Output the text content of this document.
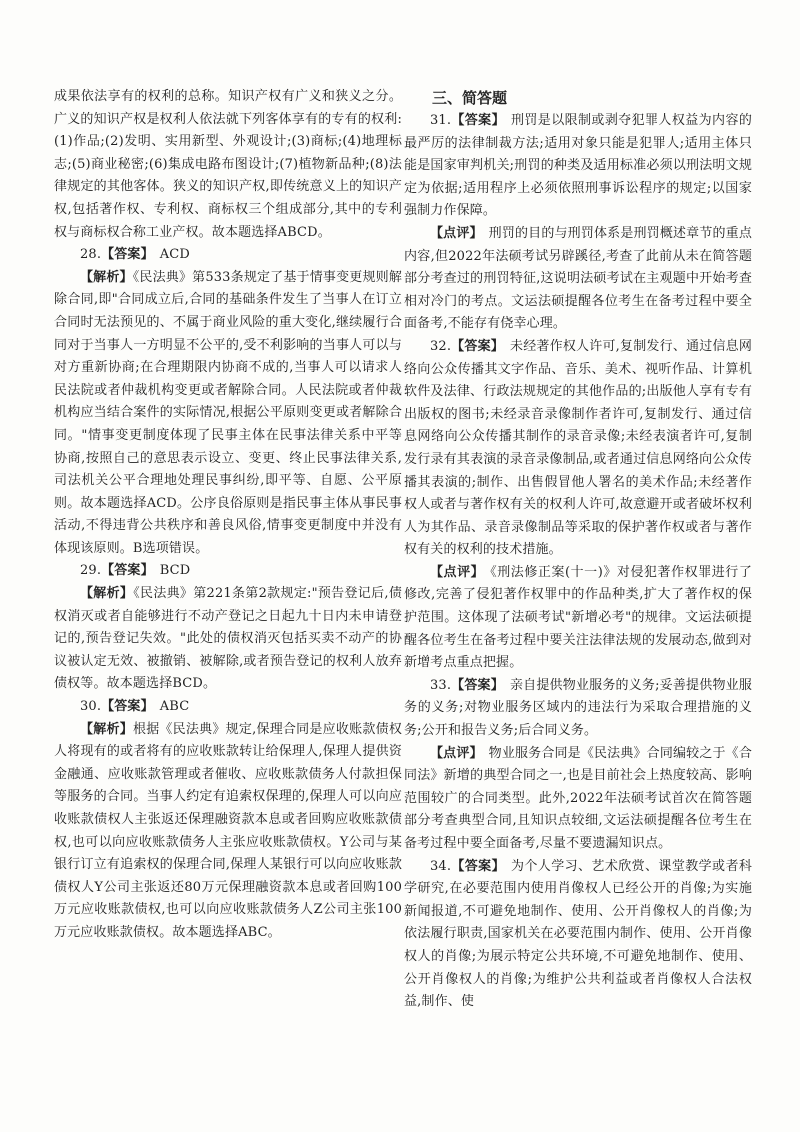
成果依法享有的权利的总称。知识产权有广义和狭义之分。广义的知识产权是权利人依法就下列客体享有的专有的权利:(1)作品;(2)发明、实用新型、外观设计;(3)商标;(4)地理标志;(5)商业秘密;(6)集成电路布图设计;(7)植物新品种;(8)法律规定的其他客体。狭义的知识产权,即传统意义上的知识产权,包括著作权、专利权、商标权三个组成部分,其中的专利权与商标权合称工业产权。故本题选择ABCD。

28.【答案】 ACD

【解析】《民法典》第533条规定了基于情事变更规则解除合同,即"合同成立后,合同的基础条件发生了当事人在订立合同时无法预见的、不属于商业风险的重大变化,继续履行合同对于当事人一方明显不公平的,受不利影响的当事人可以与对方重新协商;在合理期限内协商不成的,当事人可以请求人民法院或者仲裁机构变更或者解除合同。人民法院或者仲裁机构应当结合案件的实际情况,根据公平原则变更或者解除合同。"情事变更制度体现了民事主体在民事法律关系中平等协商,按照自己的意思表示设立、变更、终止民事法律关系,司法机关公平合理地处理民事纠纷,即平等、自愿、公平原则。故本题选择ACD。公序良俗原则是指民事主体从事民事活动,不得违背公共秩序和善良风俗,情事变更制度中并没有体现该原则。B选项错误。

29.【答案】 BCD

【解析】《民法典》第221条第2款规定:"预告登记后,债权消灭或者自能够进行不动产登记之日起九十日内未申请登记的,预告登记失效。"此处的债权消灭包括买卖不动产的协议被认定无效、被撤销、被解除,或者预告登记的权利人放弃债权等。故本题选择BCD。

30.【答案】 ABC

【解析】根据《民法典》规定,保理合同是应收账款债权人将现有的或者将有的应收账款转让给保理人,保理人提供资金融通、应收账款管理或者催收、应收账款债务人付款担保等服务的合同。当事人约定有追索权保理的,保理人可以向应收账款债权人主张返还保理融资款本息或者回购应收账款债权,也可以向应收账款债务人主张应收账款债权。Y公司与某银行订立有追索权的保理合同,保理人某银行可以向应收账款债权人Y公司主张返还80万元保理融资款本息或者回购100万元应收账款债权,也可以向应收账款债务人Z公司主张100万元应收账款债权。故本题选择ABC。

三、简答题

31.【答案】 刑罚是以限制或剥夺犯罪人权益为内容的最严厉的法律制裁方法;适用对象只能是犯罪人;适用主体只能是国家审判机关;刑罚的种类及适用标准必须以刑法明文规定为依据;适用程序上必须依照刑事诉讼程序的规定;以国家强制力作保障。

【点评】 刑罚的目的与刑罚体系是刑罚概述章节的重点内容,但2022年法硕考试另辟蹊径,考查了此前从未在简答题部分考查过的刑罚特征,这说明法硕考试在主观题中开始考查相对冷门的考点。文运法硕提醒各位考生在备考过程中要全面备考,不能存有侥幸心理。

32.【答案】 未经著作权人许可,复制发行、通过信息网络向公众传播其文字作品、音乐、美术、视听作品、计算机软件及法律、行政法规规定的其他作品的;出版他人享有专有出版权的图书;未经录音录像制作者许可,复制发行、通过信息网络向公众传播其制作的录音录像;未经表演者许可,复制发行录有其表演的录音录像制品,或者通过信息网络向公众传播其表演的;制作、出售假冒他人署名的美术作品;未经著作权人或者与著作权有关的权利人许可,故意避开或者破坏权利人为其作品、录音录像制品等采取的保护著作权或者与著作权有关的权利的技术措施。

【点评】 《刑法修正案(十一)》对侵犯著作权罪进行了修改,完善了侵犯著作权罪中的作品种类,扩大了著作权的保护范围。这体现了法硕考试"新增必考"的规律。文运法硕提醒各位考生在备考过程中要关注法律法规的发展动态,做到对新增考点重点把握。

33.【答案】 亲自提供物业服务的义务;妥善提供物业服务的义务;对物业服务区域内的违法行为采取合理措施的义务;公开和报告义务;后合同义务。

【点评】 物业服务合同是《民法典》合同编较之于《合同法》新增的典型合同之一,也是目前社会上热度较高、影响范围较广的合同类型。此外,2022年法硕考试首次在简答题部分考查典型合同,且知识点较细,文运法硕提醒各位考生在备考过程中要全面备考,尽量不要遗漏知识点。

34.【答案】 为个人学习、艺术欣赏、课堂教学或者科学研究,在必要范围内使用肖像权人已经公开的肖像;为实施新闻报道,不可避免地制作、使用、公开肖像权人的肖像;为依法履行职责,国家机关在必要范围内制作、使用、公开肖像权人的肖像;为展示特定公共环境,不可避免地制作、使用、公开肖像权人的肖像;为维护公共利益或者肖像权人合法权益,制作、使
